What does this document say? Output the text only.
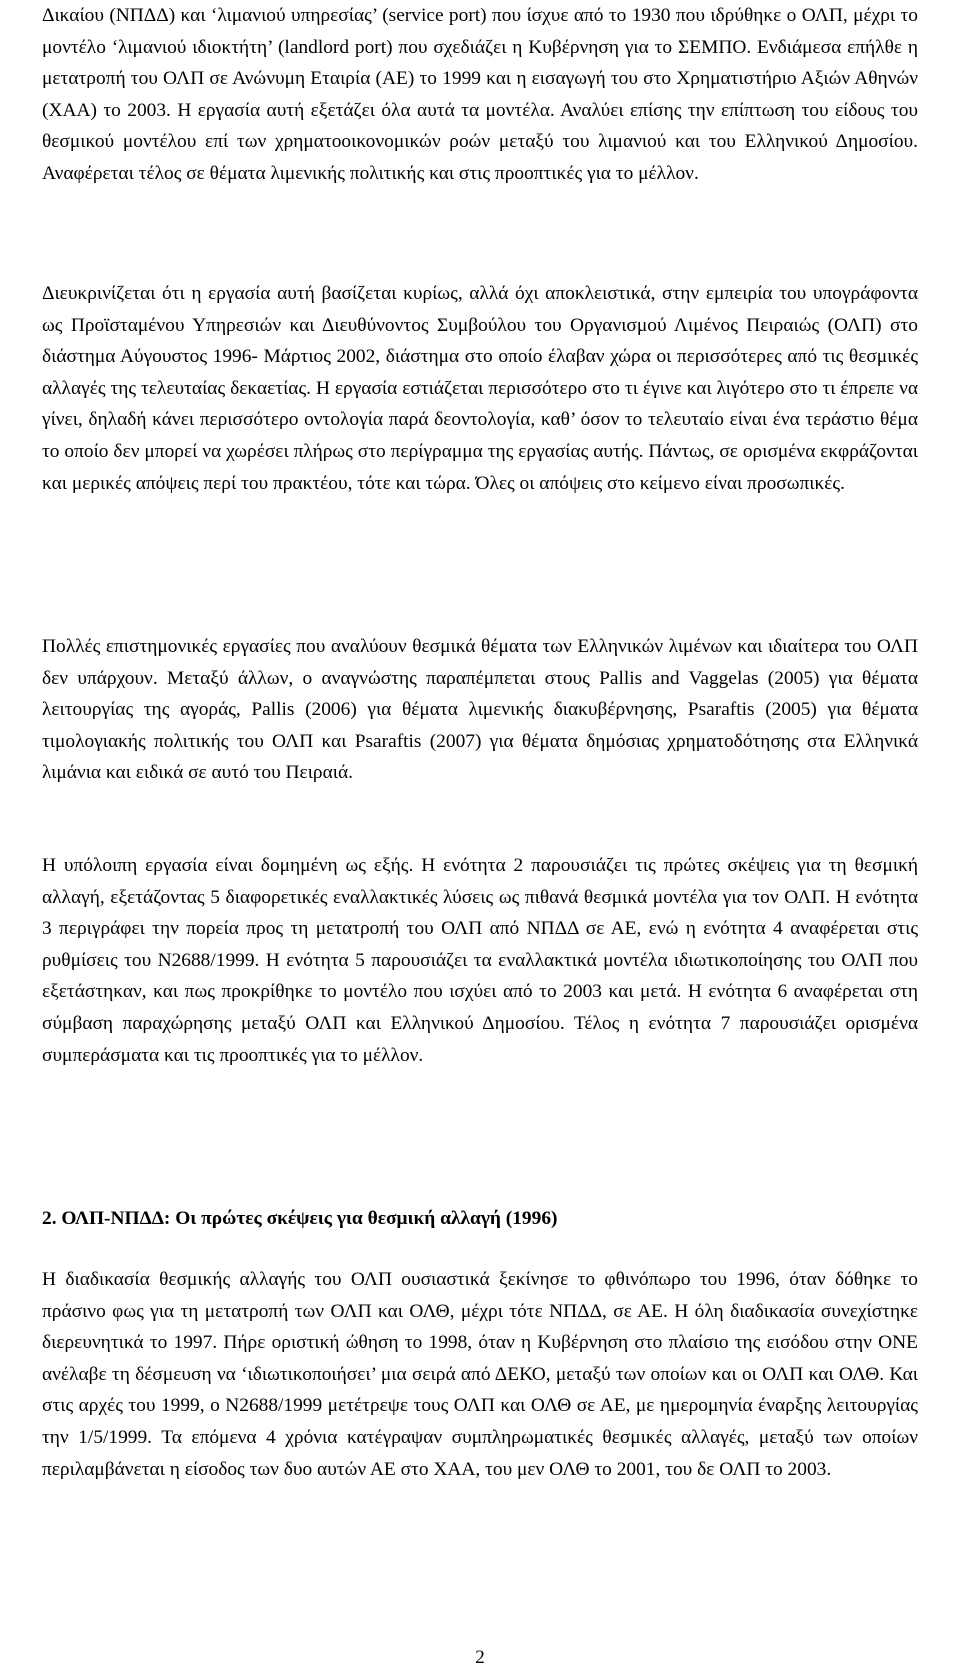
Δικαίου (ΝΠΔΔ) και ‘λιμανιού υπηρεσίας’ (service port) που ίσχυε από το 1930 που ιδρύθηκε ο ΟΛΠ, μέχρι το μοντέλο ‘λιμανιού ιδιοκτήτη’ (landlord port) που σχεδιάζει η Κυβέρνηση για το ΣΕΜΠΟ. Ενδιάμεσα επήλθε η μετατροπή του ΟΛΠ σε Ανώνυμη Εταιρία (ΑΕ) το 1999 και η εισαγωγή του στο Χρηματιστήριο Αξιών Αθηνών (ΧΑΑ) το 2003. Η εργασία αυτή εξετάζει όλα αυτά τα μοντέλα. Αναλύει επίσης την επίπτωση του είδους του θεσμικού μοντέλου επί των χρηματοοικονομικών ροών μεταξύ του λιμανιού και του Ελληνικού Δημοσίου. Αναφέρεται τέλος σε θέματα λιμενικής πολιτικής και στις προοπτικές για το μέλλον.

Διευκρινίζεται ότι η εργασία αυτή βασίζεται κυρίως, αλλά όχι αποκλειστικά, στην εμπειρία του υπογράφοντα ως Προϊσταμένου Υπηρεσιών και Διευθύνοντος Συμβούλου του Οργανισμού Λιμένος Πειραιώς (ΟΛΠ) στο διάστημα Αύγουστος 1996- Μάρτιος 2002, διάστημα στο οποίο έλαβαν χώρα οι περισσότερες από τις θεσμικές αλλαγές της τελευταίας δεκαετίας. Η εργασία εστιάζεται περισσότερο στο τι έγινε και λιγότερο στο τι έπρεπε να γίνει, δηλαδή κάνει περισσότερο οντολογία παρά δεοντολογία, καθ’ όσον το τελευταίο είναι ένα τεράστιο θέμα το οποίο δεν μπορεί να χωρέσει πλήρως στο περίγραμμα της εργασίας αυτής. Πάντως, σε ορισμένα εκφράζονται και μερικές απόψεις περί του πρακτέου, τότε και τώρα. Όλες οι απόψεις στο κείμενο είναι προσωπικές.

Πολλές επιστημονικές εργασίες που αναλύουν θεσμικά θέματα των Ελληνικών λιμένων και ιδιαίτερα του ΟΛΠ δεν υπάρχουν. Μεταξύ άλλων, ο αναγνώστης παραπέμπεται στους Pallis and Vaggelas (2005) για θέματα λειτουργίας της αγοράς, Pallis (2006) για θέματα λιμενικής διακυβέρνησης, Psaraftis (2005) για θέματα τιμολογιακής πολιτικής του ΟΛΠ και Psaraftis (2007) για θέματα δημόσιας χρηματοδότησης στα Ελληνικά λιμάνια και ειδικά σε αυτό του Πειραιά.

Η υπόλοιπη εργασία είναι δομημένη ως εξής. Η ενότητα 2 παρουσιάζει τις πρώτες σκέψεις για τη θεσμική αλλαγή, εξετάζοντας 5 διαφορετικές εναλλακτικές λύσεις ως πιθανά θεσμικά μοντέλα για τον ΟΛΠ. Η ενότητα 3 περιγράφει την πορεία προς τη μετατροπή του ΟΛΠ από ΝΠΔΔ σε ΑΕ, ενώ η ενότητα 4 αναφέρεται στις ρυθμίσεις του Ν2688/1999. Η ενότητα 5 παρουσιάζει τα εναλλακτικά μοντέλα ιδιωτικοποίησης του ΟΛΠ που εξετάστηκαν, και πως προκρίθηκε το μοντέλο που ισχύει από το 2003 και μετά. Η ενότητα 6 αναφέρεται στη σύμβαση παραχώρησης μεταξύ ΟΛΠ και Ελληνικού Δημοσίου. Τέλος η ενότητα 7 παρουσιάζει ορισμένα συμπεράσματα και τις προοπτικές για το μέλλον.

2. ΟΛΠ-ΝΠΔΔ: Οι πρώτες σκέψεις για θεσμική αλλαγή (1996)

Η διαδικασία θεσμικής αλλαγής του ΟΛΠ ουσιαστικά ξεκίνησε το φθινόπωρο του 1996, όταν δόθηκε το πράσινο φως για τη μετατροπή των ΟΛΠ και ΟΛΘ, μέχρι τότε ΝΠΔΔ, σε ΑΕ. Η όλη διαδικασία συνεχίστηκε διερευνητικά το 1997. Πήρε οριστική ώθηση το 1998, όταν η Κυβέρνηση στο πλαίσιο της εισόδου στην ΟΝΕ ανέλαβε τη δέσμευση να ‘ιδιωτικοποιήσει’ μια σειρά από ΔΕΚΟ, μεταξύ των οποίων και οι ΟΛΠ και ΟΛΘ. Και στις αρχές του 1999, ο Ν2688/1999 μετέτρεψε τους ΟΛΠ και ΟΛΘ σε ΑΕ, με ημερομηνία έναρξης λειτουργίας την 1/5/1999. Τα επόμενα 4 χρόνια κατέγραψαν συμπληρωματικές θεσμικές αλλαγές, μεταξύ των οποίων περιλαμβάνεται η είσοδος των δυο αυτών ΑΕ στο ΧΑΑ, του μεν ΟΛΘ το 2001, του δε ΟΛΠ το 2003.

2
